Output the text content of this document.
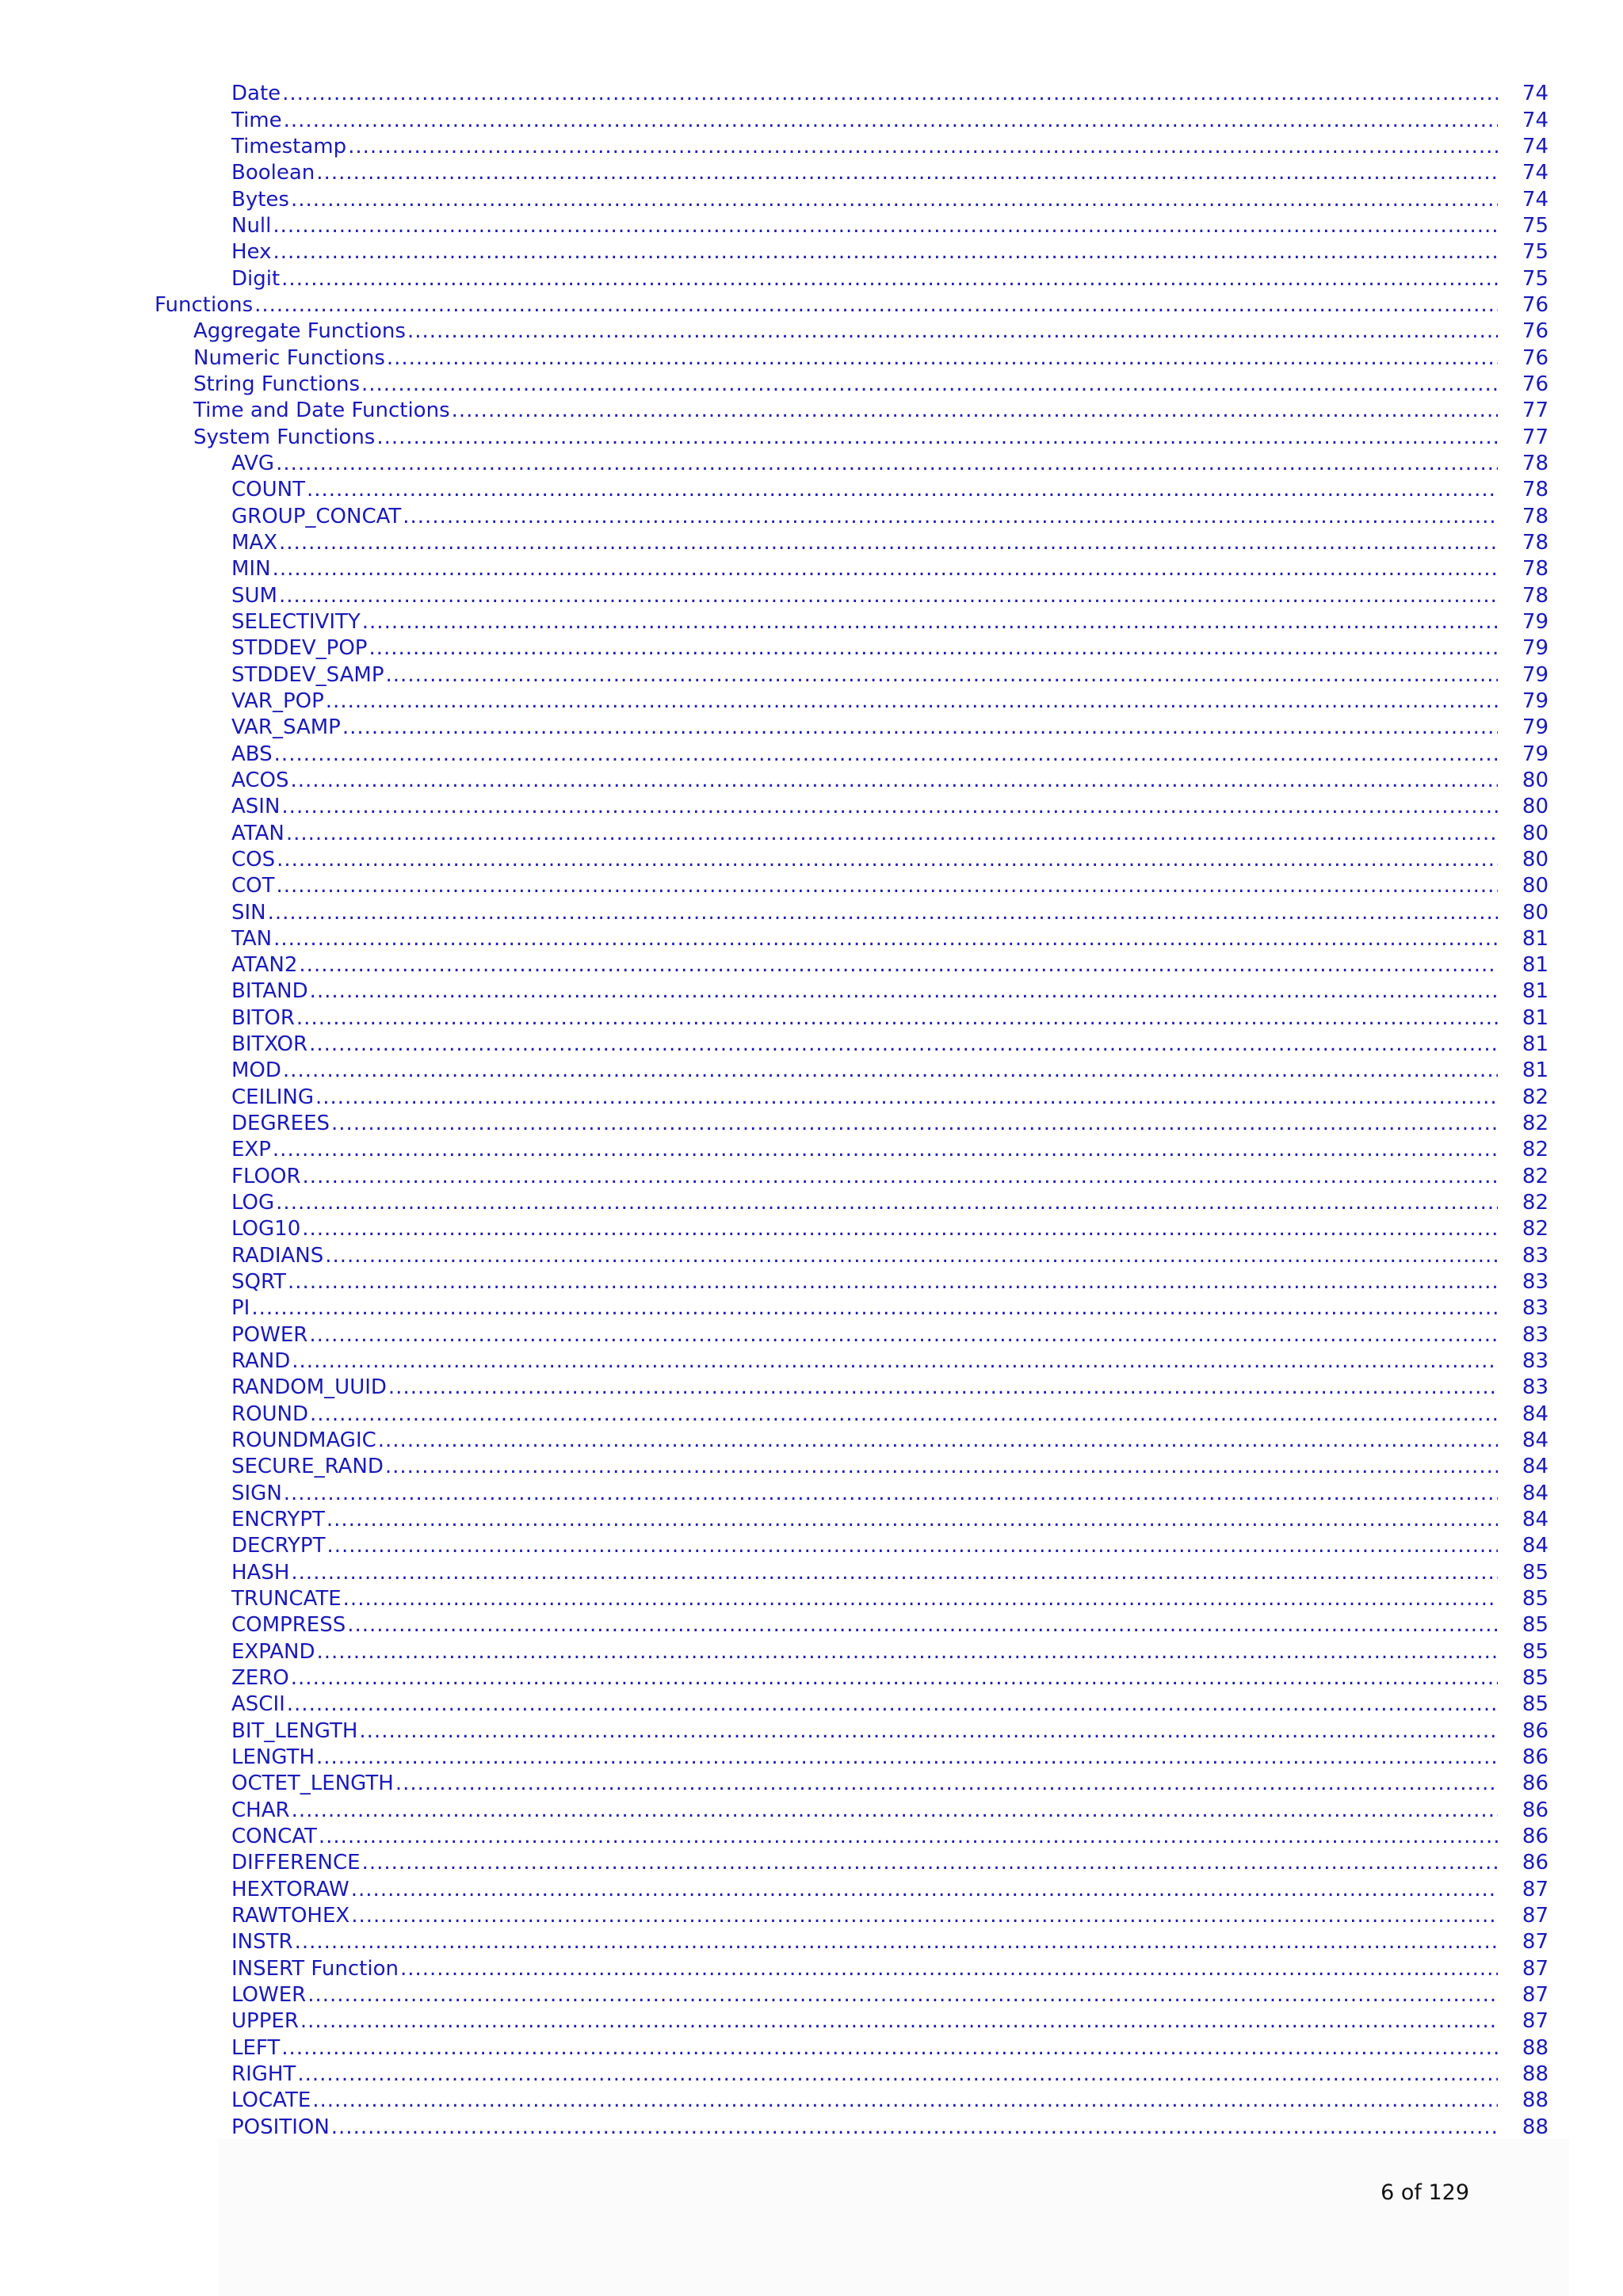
Date .....	74
Time .....	74
Timestamp .....	74
Boolean .....	74
Bytes .....	74
Null .....	75
Hex .....	75
Digit .....	75
Functions .....	76
Aggregate Functions .....	76
Numeric Functions .....	76
String Functions .....	76
Time and Date Functions .....	77
System Functions .....	77
AVG .....	78
COUNT .....	78
GROUP_CONCAT .....	78
MAX .....	78
MIN .....	78
SUM .....	78
SELECTIVITY .....	79
STDDEV_POP .....	79
STDDEV_SAMP .....	79
VAR_POP .....	79
VAR_SAMP .....	79
ABS .....	79
ACOS .....	80
ASIN .....	80
ATAN .....	80
COS .....	80
COT .....	80
SIN .....	80
TAN .....	81
ATAN2 .....	81
BITAND .....	81
BITOR .....	81
BITXOR .....	81
MOD .....	81
CEILING .....	82
DEGREES .....	82
EXP .....	82
FLOOR .....	82
LOG .....	82
LOG10 .....	82
RADIANS .....	83
SQRT .....	83
PI .....	83
POWER .....	83
RAND .....	83
RANDOM_UUID .....	83
ROUND .....	84
ROUNDMAGIC .....	84
SECURE_RAND .....	84
SIGN .....	84
ENCRYPT .....	84
DECRYPT .....	84
HASH .....	85
TRUNCATE .....	85
COMPRESS .....	85
EXPAND .....	85
ZERO .....	85
ASCII .....	85
BIT_LENGTH .....	86
LENGTH .....	86
OCTET_LENGTH .....	86
CHAR .....	86
CONCAT .....	86
DIFFERENCE .....	86
HEXTORAW .....	87
RAWTOHEX .....	87
INSTR .....	87
INSERT Function .....	87
LOWER .....	87
UPPER .....	87
LEFT .....	88
RIGHT .....	88
LOCATE .....	88
POSITION .....	88
6 of 129
